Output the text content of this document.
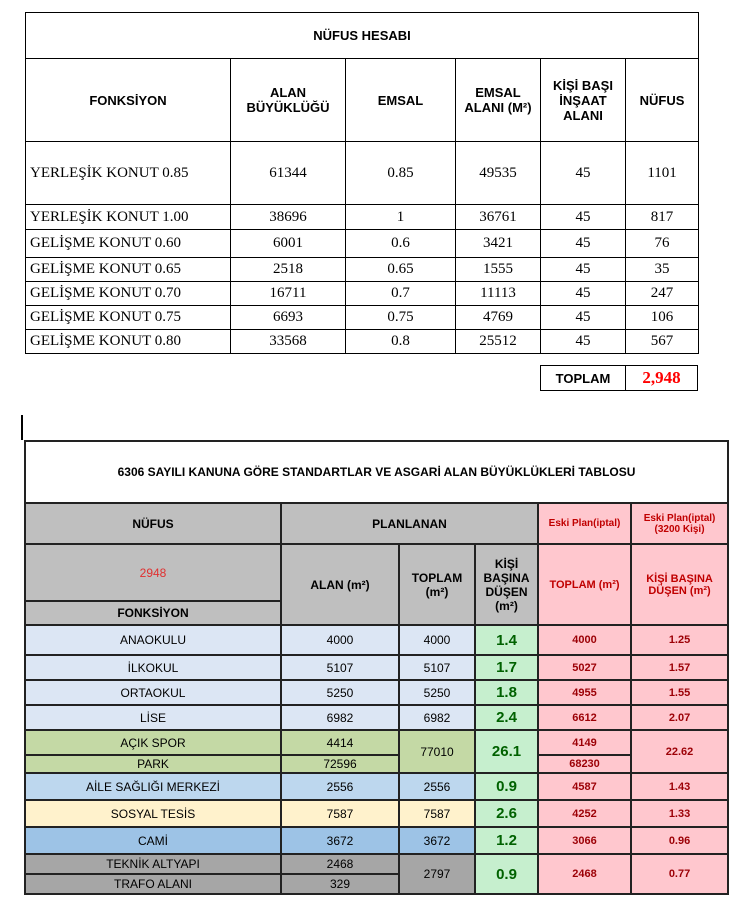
NÜFUS HESABI					
FONKSİYON	ALAN BÜYÜKLÜĞÜ	EMSAL	EMSAL ALANI (M²)	KİŞİ BAŞI İNŞAAT ALANI	NÜFUS
YERLEŞİK KONUT 0.85	61344	0.85	49535	45	1101
YERLEŞİK KONUT 1.00	38696	1	36761	45	817
GELİŞME KONUT 0.60	6001	0.6	3421	45	76
GELİŞME KONUT 0.65	2518	0.65	1555	45	35
GELİŞME KONUT 0.70	16711	0.7	11113	45	247
GELİŞME KONUT 0.75	6693	0.75	4769	45	106
GELİŞME KONUT 0.80	33568	0.8	25512	45	567
TOPLAM	2,948
6306 SAYILI KANUNA GÖRE STANDARTLAR VE ASGARİ ALAN BÜYÜKLÜKLERİ TABLOSU					
NÜFUS	PLANLANAN			Eski Plan(iptal)	Eski Plan(iptal) (3200 Kişi)
2948	ALAN (m²)	TOPLAM (m²)	KİŞİ BAŞINA DÜŞEN (m²)	TOPLAM (m²)	KİŞİ BAŞINA DÜŞEN (m²)
FONKSİYON					
ANAOKULU	4000	4000	1.4	4000	1.25
İLKOKUL	5107	5107	1.7	5027	1.57
ORTAOKUL	5250	5250	1.8	4955	1.55
LİSE	6982	6982	2.4	6612	2.07
AÇIK SPOR	4414	77010	26.1	4149	22.62
PARK	72596			68230	
AİLE SAĞLIĞI MERKEZİ	2556	2556	0.9	4587	1.43
SOSYAL TESİS	7587	7587	2.6	4252	1.33
CAMİ	3672	3672	1.2	3066	0.96
TEKNİK ALTYAPI	2468	2797	0.9	2468	0.77
TRAFO ALANI	329				
